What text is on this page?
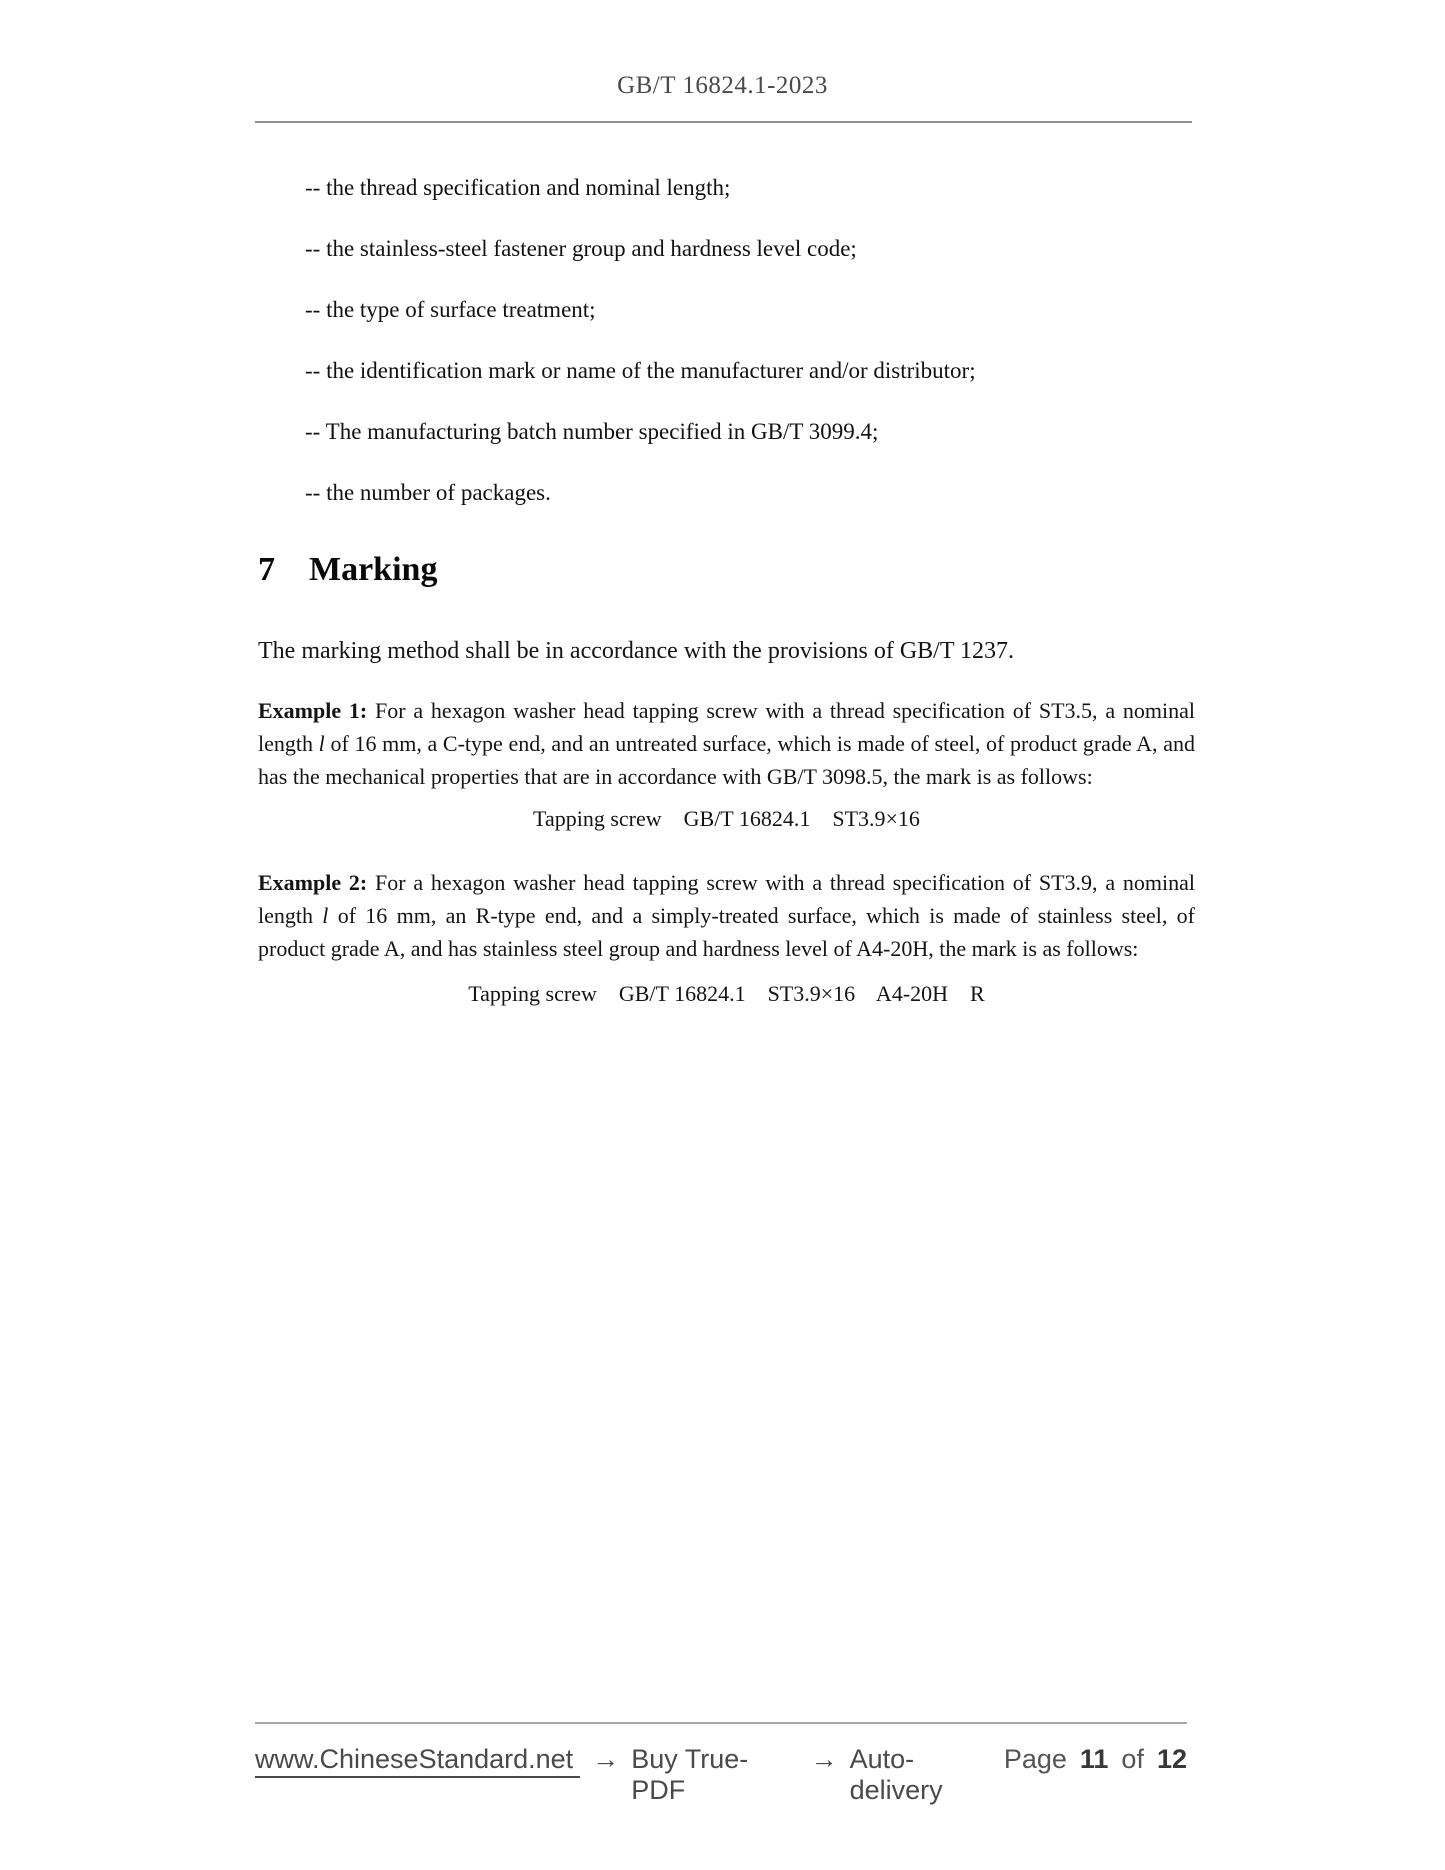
GB/T 16824.1-2023

-- the thread specification and nominal length;

-- the stainless-steel fastener group and hardness level code;

-- the type of surface treatment;

-- the identification mark or name of the manufacturer and/or distributor;

-- The manufacturing batch number specified in GB/T 3099.4;

-- the number of packages.

7 Marking

The marking method shall be in accordance with the provisions of GB/T 1237.

Example 1: For a hexagon washer head tapping screw with a thread specification of ST3.5, a nominal length l of 16 mm, a C-type end, and an untreated surface, which is made of steel, of product grade A, and has the mechanical properties that are in accordance with GB/T 3098.5, the mark is as follows:

Tapping screw    GB/T 16824.1    ST3.9×16

Example 2: For a hexagon washer head tapping screw with a thread specification of ST3.9, a nominal length l of 16 mm, an R-type end, and a simply-treated surface, which is made of stainless steel, of product grade A, and has stainless steel group and hardness level of A4-20H, the mark is as follows:

Tapping screw    GB/T 16824.1    ST3.9×16    A4-20H    R
www.ChineseStandard.net → Buy True-PDF
→ Auto-delivery
Page 11 of 12
